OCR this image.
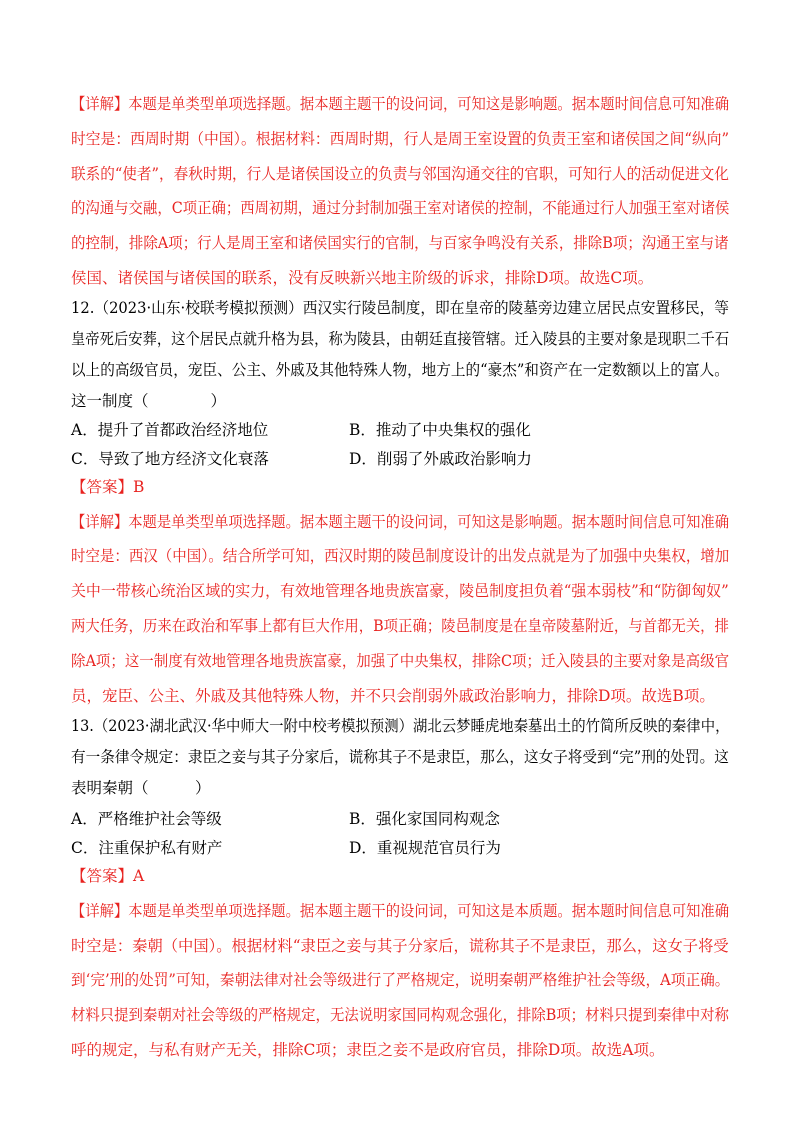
【详解】本题是单类型单项选择题。据本题主题干的设问词，可知这是影响题。据本题时间信息可知准确
时空是：西周时期（中国）。根据材料：西周时期，行人是周王室设置的负责王室和诸侯国之间“纵向”
联系的“使者”，春秋时期，行人是诸侯国设立的负责与邻国沟通交往的官职，可知行人的活动促进文化
的沟通与交融，C项正确；西周初期，通过分封制加强王室对诸侯的控制，不能通过行人加强王室对诸侯
的控制，排除A项；行人是周王室和诸侯国实行的官制，与百家争鸣没有关系，排除B项；沟通王室与诸
侯国、诸侯国与诸侯国的联系，没有反映新兴地主阶级的诉求，排除D项。故选C项。
12.（2023·山东·校联考模拟预测）西汉实行陵邑制度，即在皇帝的陵墓旁边建立居民点安置移民，等
皇帝死后安葬，这个居民点就升格为县，称为陵县，由朝廷直接管辖。迁入陵县的主要对象是现职二千石
以上的高级官员，宠臣、公主、外戚及其他特殊人物，地方上的“豪杰”和资产在一定数额以上的富人。
这一制度（　　　　）
A．提升了首都政治经济地位	B．推动了中央集权的强化
C．导致了地方经济文化衰落	D．削弱了外戚政治影响力
【答案】B
【详解】本题是单类型单项选择题。据本题主题干的设问词，可知这是影响题。据本题时间信息可知准确
时空是：西汉（中国）。结合所学可知，西汉时期的陵邑制度设计的出发点就是为了加强中央集权，增加
关中一带核心统治区域的实力，有效地管理各地贵族富豪，陵邑制度担负着“强本弱枝”和“防御匈奴”
两大任务，历来在政治和军事上都有巨大作用，B项正确；陵邑制度是在皇帝陵墓附近，与首都无关，排
除A项；这一制度有效地管理各地贵族富豪，加强了中央集权，排除C项；迁入陵县的主要对象是高级官
员，宠臣、公主、外戚及其他特殊人物，并不只会削弱外戚政治影响力，排除D项。故选B项。
13.（2023·湖北武汉·华中师大一附中校考模拟预测）湖北云梦睡虎地秦墓出土的竹简所反映的秦律中，
有一条律令规定：隶臣之妾与其子分家后，谎称其子不是隶臣，那么，这女子将受到“完”刑的处罚。这
表明秦朝（　　　）
A．严格维护社会等级	B．强化家国同构观念
C．注重保护私有财产	D．重视规范官员行为
【答案】A
【详解】本题是单类型单项选择题。据本题主题干的设问词，可知这是本质题。据本题时间信息可知准确
时空是：秦朝（中国）。根据材料“隶臣之妾与其子分家后，谎称其子不是隶臣，那么，这女子将受
到‘完’刑的处罚”可知，秦朝法律对社会等级进行了严格规定，说明秦朝严格维护社会等级，A项正确。
材料只提到秦朝对社会等级的严格规定，无法说明家国同构观念强化，排除B项；材料只提到秦律中对称
呼的规定，与私有财产无关，排除C项；隶臣之妾不是政府官员，排除D项。故选A项。
